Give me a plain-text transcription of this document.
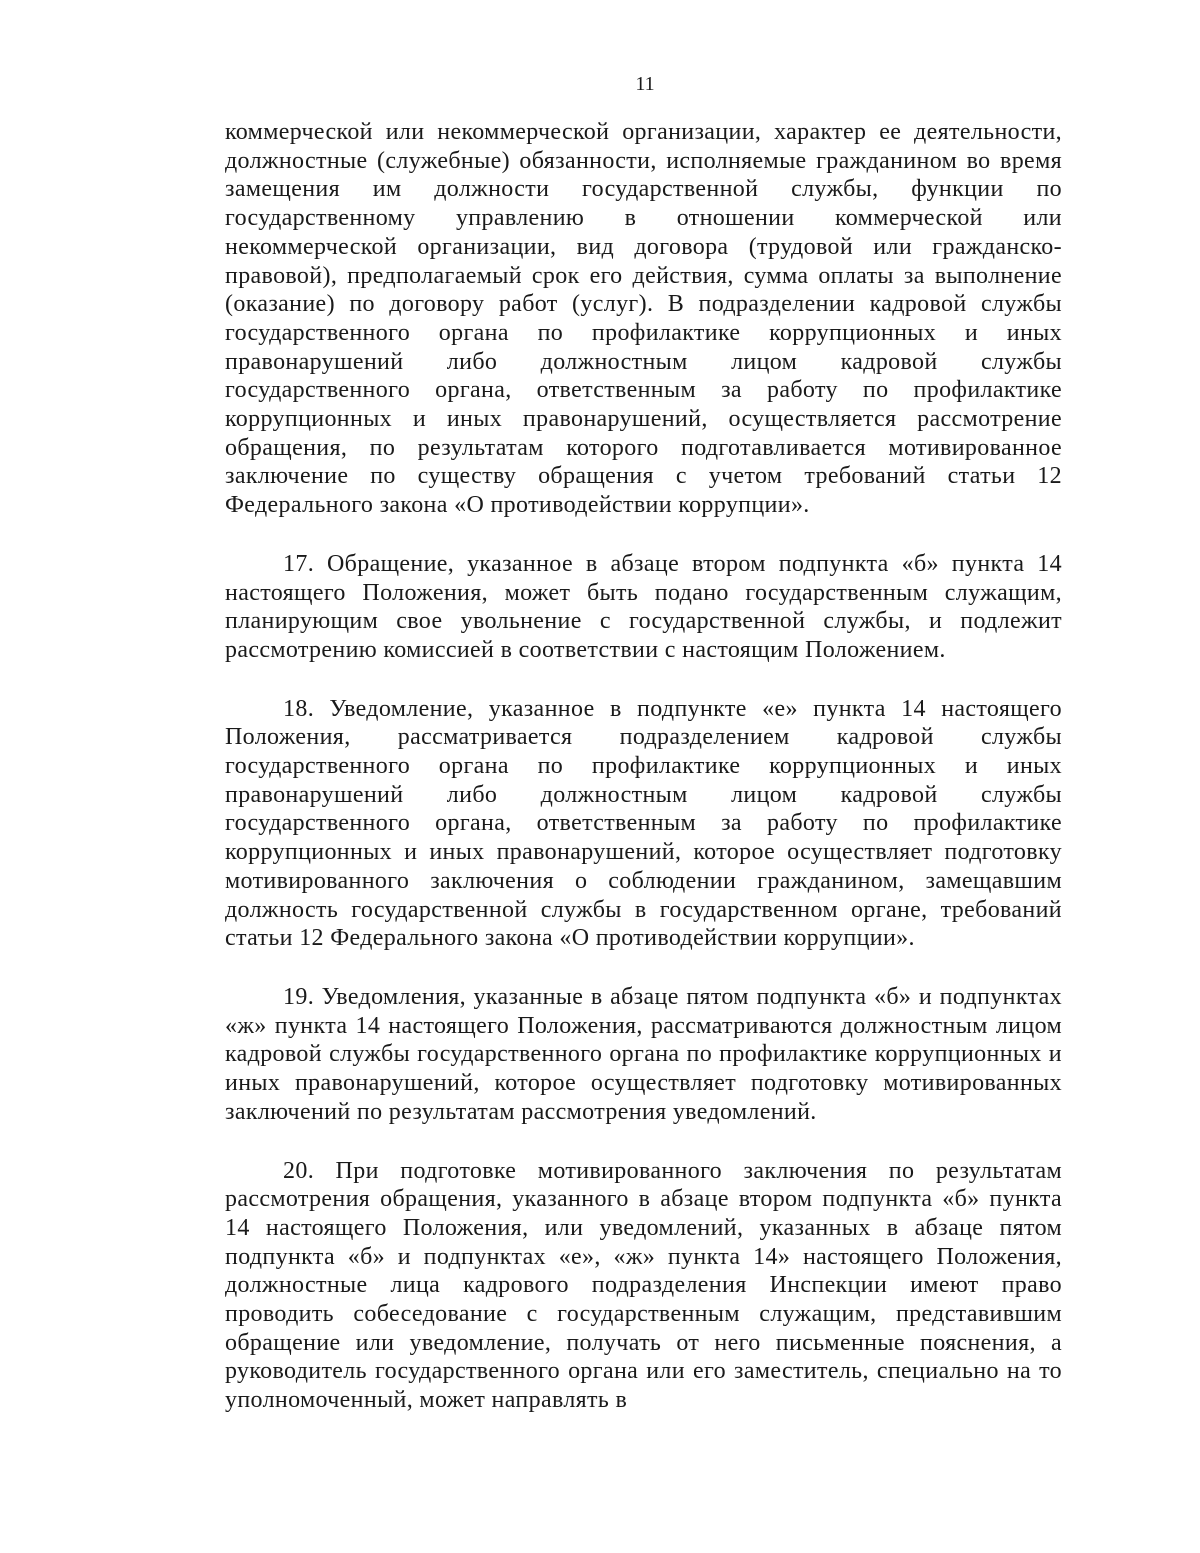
11

коммерческой или некоммерческой организации, характер ее деятельности, должностные (служебные) обязанности, исполняемые гражданином во время замещения им должности государственной службы, функции по государственному управлению в отношении коммерческой или некоммерческой организации, вид договора (трудовой или гражданско-правовой), предполагаемый срок его действия, сумма оплаты за выполнение (оказание) по договору работ (услуг). В подразделении кадровой службы государственного органа по профилактике коррупционных и иных правонарушений либо должностным лицом кадровой службы государственного органа, ответственным за работу по профилактике коррупционных и иных правонарушений, осуществляется рассмотрение обращения, по результатам которого подготавливается мотивированное заключение по существу обращения с учетом требований статьи 12 Федерального закона «О противодействии коррупции».

17. Обращение, указанное в абзаце втором подпункта «б» пункта 14 настоящего Положения, может быть подано государственным служащим, планирующим свое увольнение с государственной службы, и подлежит рассмотрению комиссией в соответствии с настоящим Положением.

18. Уведомление, указанное в подпункте «е» пункта 14 настоящего Положения, рассматривается подразделением кадровой службы государственного органа по профилактике коррупционных и иных правонарушений либо должностным лицом кадровой службы государственного органа, ответственным за работу по профилактике коррупционных и иных правонарушений, которое осуществляет подготовку мотивированного заключения о соблюдении гражданином, замещавшим должность государственной службы в государственном органе, требований статьи 12 Федерального закона «О противодействии коррупции».

19. Уведомления, указанные в абзаце пятом подпункта «б» и подпунктах «ж» пункта 14 настоящего Положения, рассматриваются должностным лицом кадровой службы государственного органа по профилактике коррупционных и иных правонарушений, которое осуществляет подготовку мотивированных заключений по результатам рассмотрения уведомлений.

20. При подготовке мотивированного заключения по результатам рассмотрения обращения, указанного в абзаце втором подпункта «б» пункта 14 настоящего Положения, или уведомлений, указанных в абзаце пятом подпункта «б» и подпунктах «е», «ж» пункта 14» настоящего Положения, должностные лица кадрового подразделения Инспекции имеют право проводить собеседование с государственным служащим, представившим обращение или уведомление, получать от него письменные пояснения, а руководитель государственного органа или его заместитель, специально на то уполномоченный, может направлять в
